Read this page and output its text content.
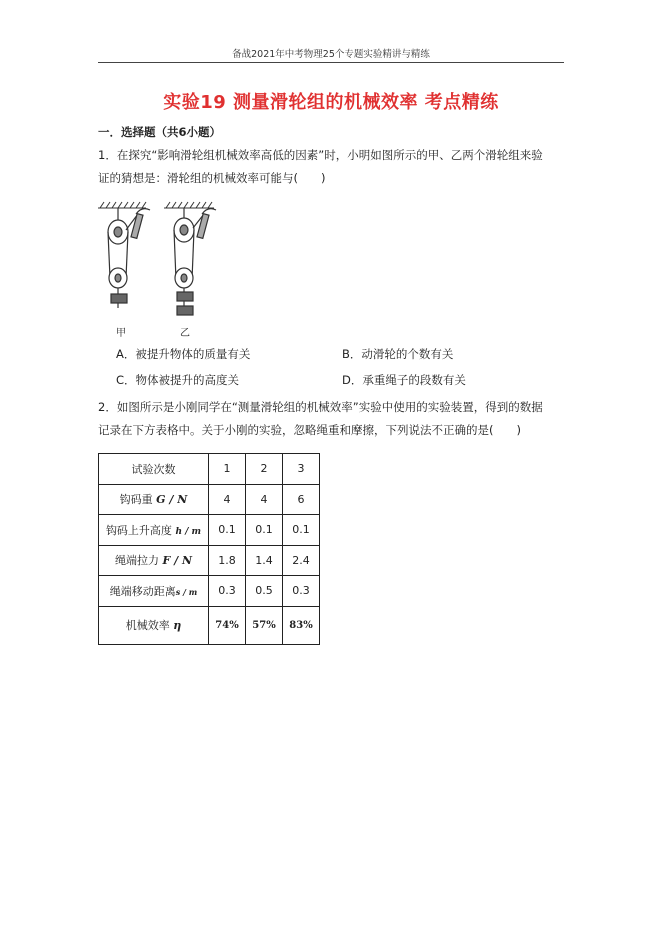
备战2021年中考物理25个专题实验精讲与精练
实验19 测量滑轮组的机械效率 考点精练
一．选择题（共6小题）
1．在探究“影响滑轮组机械效率高低的因素”时，小明如图所示的甲、乙两个滑轮组来验
证的猜想是：滑轮组的机械效率可能与(　　)
甲	乙
A．被提升物体的质量有关	B．动滑轮的个数有关
C．物体被提升的高度关	D．承重绳子的段数有关
2．如图所示是小刚同学在“测量滑轮组的机械效率”实验中使用的实验装置，得到的数据
记录在下方表格中。关于小刚的实验，忽略绳重和摩擦，下列说法不正确的是(　　)
试验次数	1	2	3
钩码重 G / N	4	4	6
钩码上升高度 h / m	0.1	0.1	0.1
绳端拉力 F / N	1.8	1.4	2.4
绳端移动距离s / m	0.3	0.5	0.3
机械效率 η	74%	57%	83%
